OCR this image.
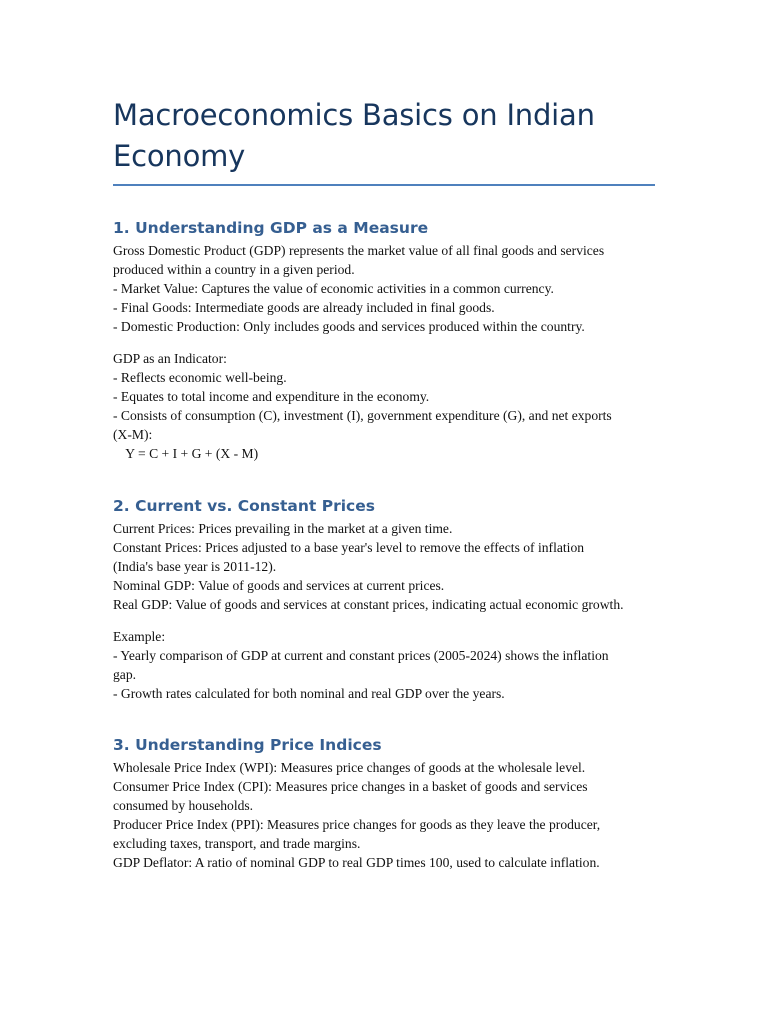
Macroeconomics Basics on Indian
Economy
1. Understanding GDP as a Measure

Gross Domestic Product (GDP) represents the market value of all final goods and services

produced within a country in a given period.

- Market Value: Captures the value of economic activities in a common currency.

- Final Goods: Intermediate goods are already included in final goods.

- Domestic Production: Only includes goods and services produced within the country.

GDP as an Indicator:

- Reflects economic well-being.

- Equates to total income and expenditure in the economy.

- Consists of consumption (C), investment (I), government expenditure (G), and net exports

(X-M):

Y = C + I + G + (X - M)

2. Current vs. Constant Prices

Current Prices: Prices prevailing in the market at a given time.

Constant Prices: Prices adjusted to a base year's level to remove the effects of inflation

(India's base year is 2011-12).

Nominal GDP: Value of goods and services at current prices.

Real GDP: Value of goods and services at constant prices, indicating actual economic growth.

Example:

- Yearly comparison of GDP at current and constant prices (2005-2024) shows the inflation

gap.

- Growth rates calculated for both nominal and real GDP over the years.

3. Understanding Price Indices

Wholesale Price Index (WPI): Measures price changes of goods at the wholesale level.

Consumer Price Index (CPI): Measures price changes in a basket of goods and services

consumed by households.

Producer Price Index (PPI): Measures price changes for goods as they leave the producer,

excluding taxes, transport, and trade margins.

GDP Deflator: A ratio of nominal GDP to real GDP times 100, used to calculate inflation.
